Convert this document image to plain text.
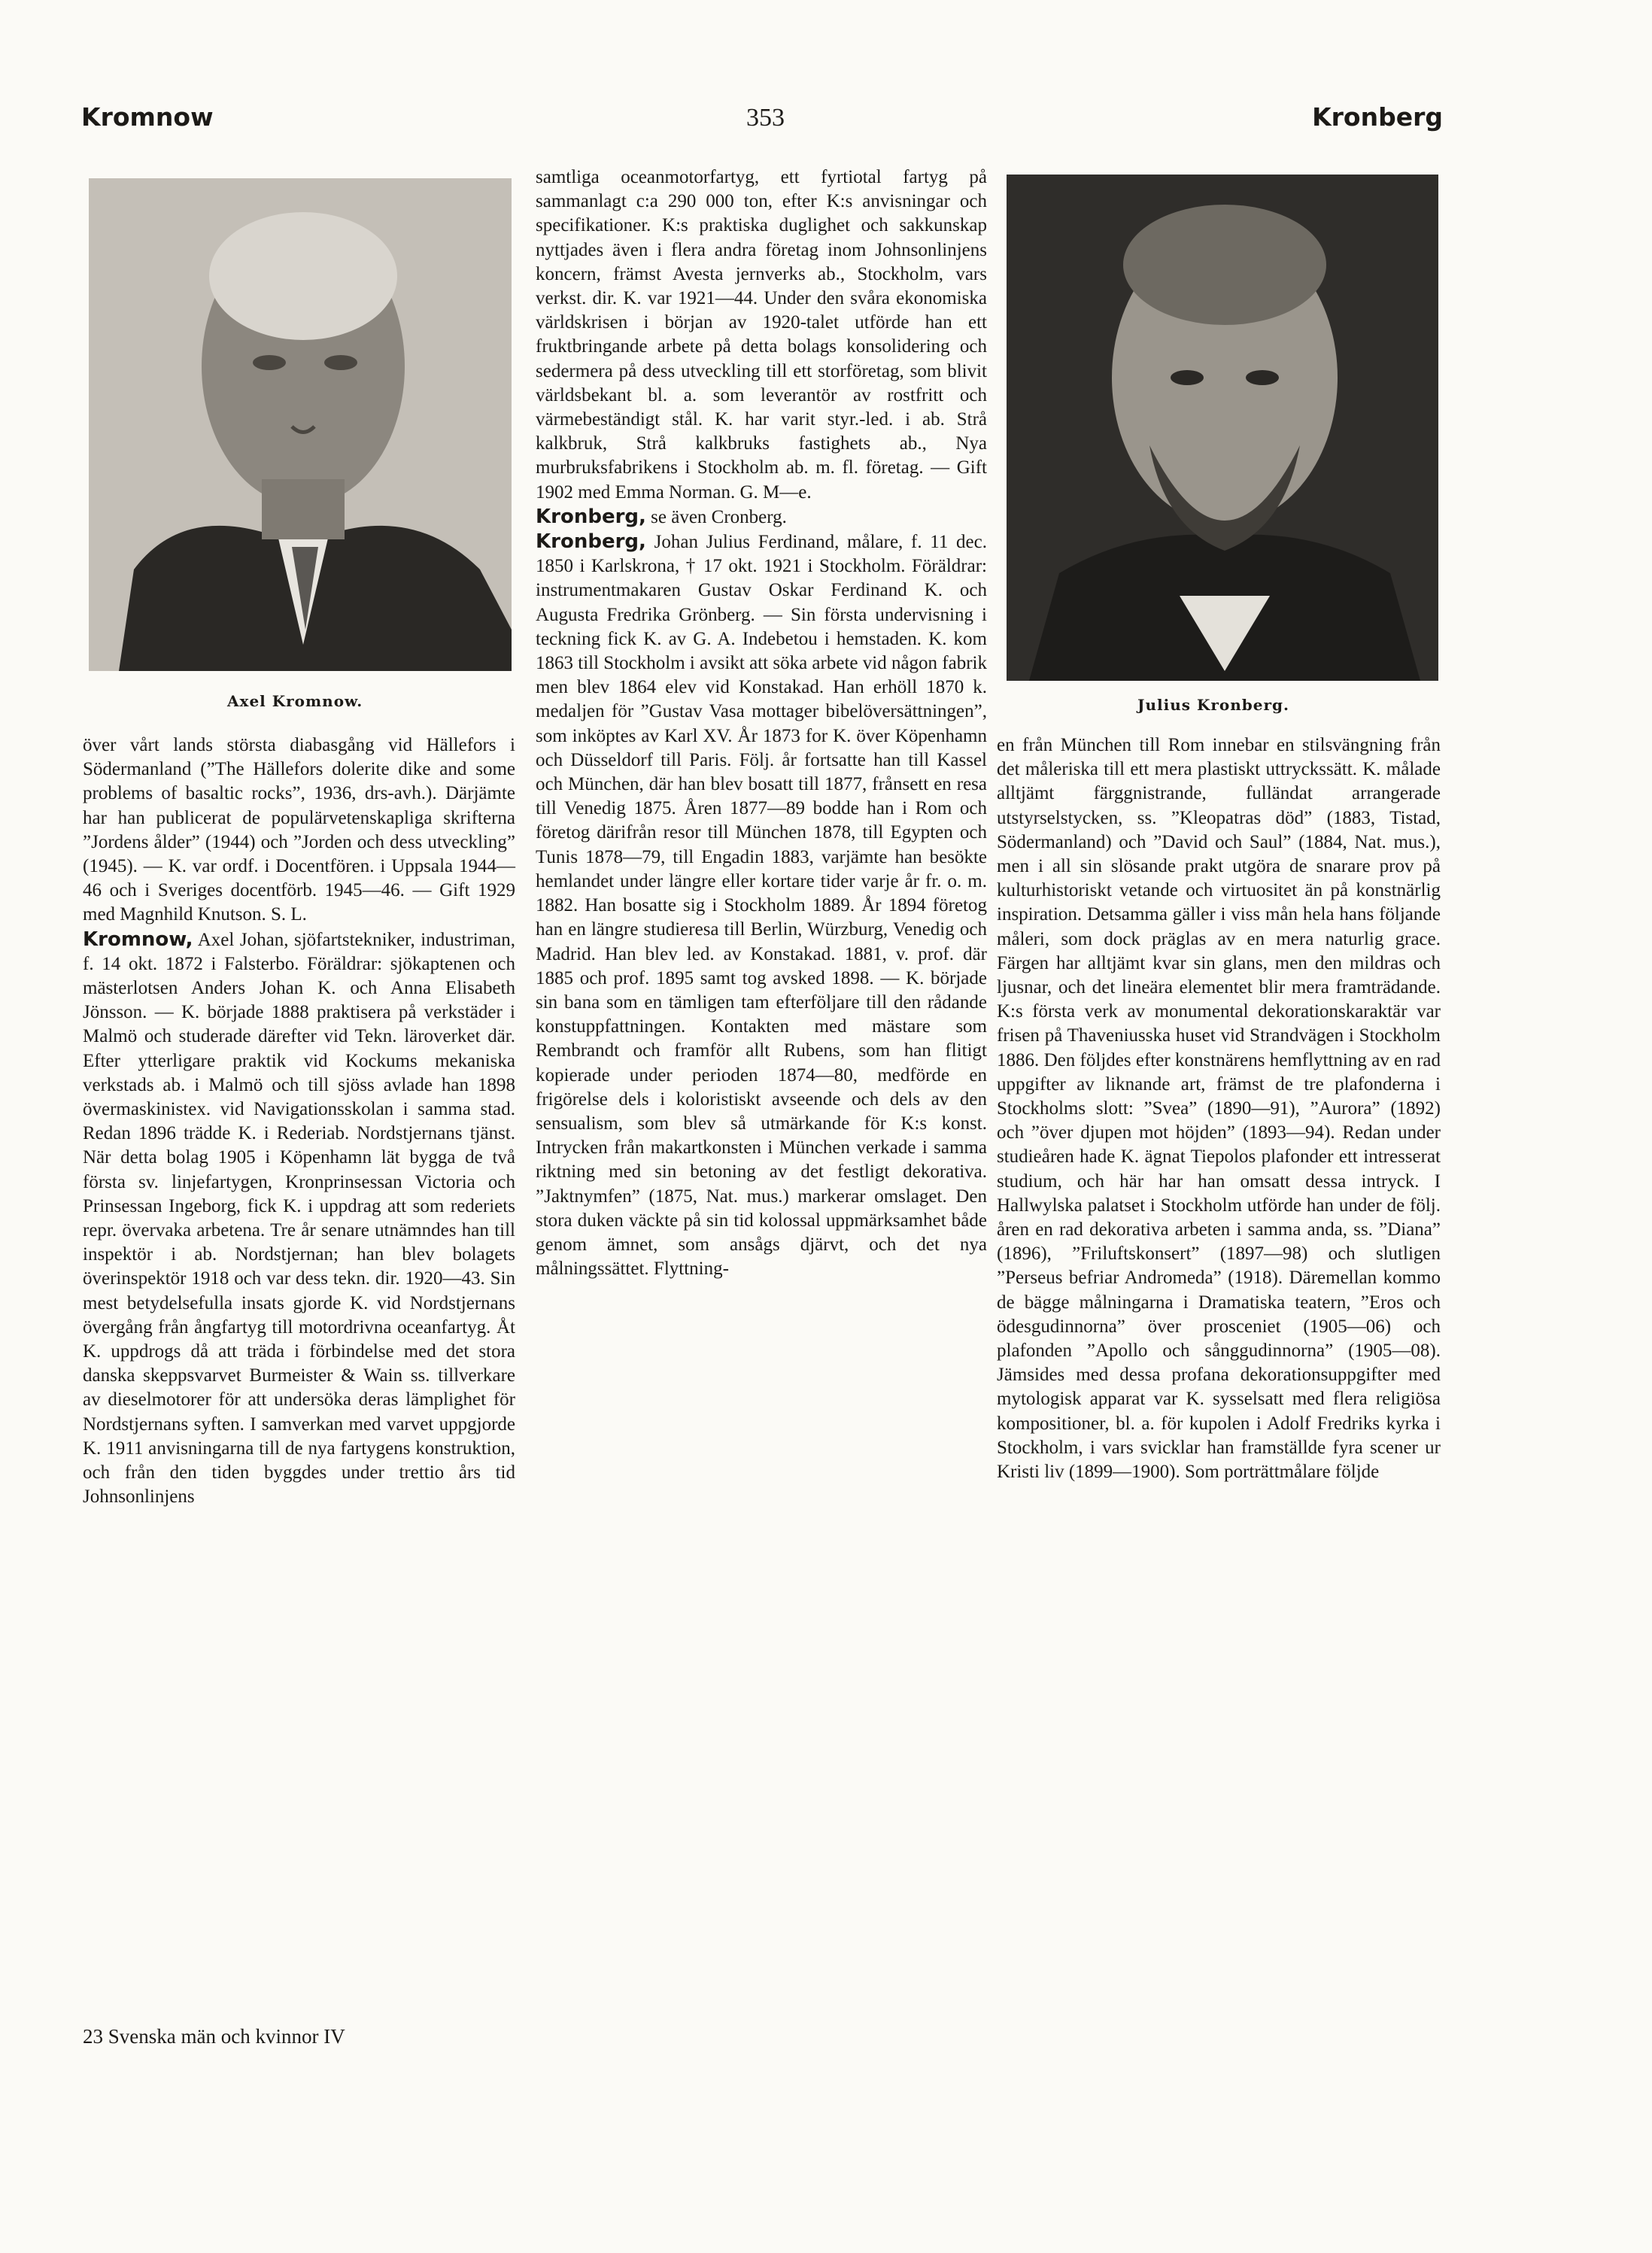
Kromnow	353	Kronberg
Axel Kromnow.	Julius Kronberg.
över vårt lands största diabasgång vid Hällefors i Södermanland (”The Hällefors dolerite dike and some problems of basaltic rocks”, 1936, drs-avh.). Därjämte har han publicerat de populärvetenskapliga skrifterna ”Jordens ålder” (1944) och ”Jorden och dess utveckling” (1945). — K. var ordf. i Docentfören. i Uppsala 1944—46 och i Sveriges docentförb. 1945—46. — Gift 1929 med Magnhild Knutson. S. L.
Kromnow, Axel Johan, sjöfartstekniker, industriman, f. 14 okt. 1872 i Falsterbo. Föräldrar: sjökaptenen och mästerlotsen Anders Johan K. och Anna Elisabeth Jönsson. — K. började 1888 praktisera på verkstäder i Malmö och studerade därefter vid Tekn. läroverket där. Efter ytterligare praktik vid Kockums mekaniska verkstads ab. i Malmö och till sjöss avlade han 1898 övermaskinistex. vid Navigationsskolan i samma stad. Redan 1896 trädde K. i Rederiab. Nordstjernans tjänst. När detta bolag 1905 i Köpenhamn lät bygga de två första sv. linjefartygen, Kronprinsessan Victoria och Prinsessan Ingeborg, fick K. i uppdrag att som rederiets repr. övervaka arbetena. Tre år senare utnämndes han till inspektör i ab. Nordstjernan; han blev bolagets överinspektör 1918 och var dess tekn. dir. 1920—43. Sin mest betydelsefulla insats gjorde K. vid Nordstjernans övergång från ångfartyg till motordrivna oceanfartyg. Åt K. uppdrogs då att träda i förbindelse med det stora danska skeppsvarvet Burmeister & Wain ss. tillverkare av dieselmotorer för att undersöka deras lämplighet för Nordstjernans syften. I samverkan med varvet uppgjorde K. 1911 anvisningarna till de nya fartygens konstruktion, och från den tiden byggdes under trettio års tid Johnsonlinjens
samtliga oceanmotorfartyg, ett fyrtiotal fartyg på sammanlagt c:a 290 000 ton, efter K:s anvisningar och specifikationer. K:s praktiska duglighet och sakkunskap nyttjades även i flera andra företag inom Johnsonlinjens koncern, främst Avesta jernverks ab., Stockholm, vars verkst. dir. K. var 1921—44. Under den svåra ekonomiska världskrisen i början av 1920-talet utförde han ett fruktbringande arbete på detta bolags konsolidering och sedermera på dess utveckling till ett storföretag, som blivit världsbekant bl. a. som leverantör av rostfritt och värmebeständigt stål. K. har varit styr.-led. i ab. Strå kalkbruk, Strå kalkbruks fastighets ab., Nya murbruksfabrikens i Stockholm ab. m. fl. företag. — Gift 1902 med Emma Norman. G. M—e.
Kronberg, se även Cronberg.
Kronberg, Johan Julius Ferdinand, målare, f. 11 dec. 1850 i Karlskrona, † 17 okt. 1921 i Stockholm. Föräldrar: instrumentmakaren Gustav Oskar Ferdinand K. och Augusta Fredrika Grönberg. — Sin första undervisning i teckning fick K. av G. A. Indebetou i hemstaden. K. kom 1863 till Stockholm i avsikt att söka arbete vid någon fabrik men blev 1864 elev vid Konstakad. Han erhöll 1870 k. medaljen för ”Gustav Vasa mottager bibelöversättningen”, som inköptes av Karl XV. År 1873 for K. över Köpenhamn och Düsseldorf till Paris. Följ. år fortsatte han till Kassel och München, där han blev bosatt till 1877, frånsett en resa till Venedig 1875. Åren 1877—89 bodde han i Rom och företog därifrån resor till München 1878, till Egypten och Tunis 1878—79, till Engadin 1883, varjämte han besökte hemlandet under längre eller kortare tider varje år fr. o. m. 1882. Han bosatte sig i Stockholm 1889. År 1894 företog han en längre studieresa till Berlin, Würzburg, Venedig och Madrid. Han blev led. av Konstakad. 1881, v. prof. där 1885 och prof. 1895 samt tog avsked 1898. — K. började sin bana som en tämligen tam efterföljare till den rådande konstuppfattningen. Kontakten med mästare som Rembrandt och framför allt Rubens, som han flitigt kopierade under perioden 1874—80, medförde en frigörelse dels i koloristiskt avseende och dels av den sensualism, som blev så utmärkande för K:s konst. Intrycken från makartkonsten i München verkade i samma riktning med sin betoning av det festligt dekorativa. ”Jaktnymfen” (1875, Nat. mus.) markerar omslaget. Den stora duken väckte på sin tid kolossal uppmärksamhet både genom ämnet, som ansågs djärvt, och det nya målningssättet. Flyttning-
en från München till Rom innebar en stilsvängning från det måleriska till ett mera plastiskt uttryckssätt. K. målade alltjämt färggnistrande, fulländat arrangerade utstyrselstycken, ss. ”Kleopatras död” (1883, Tistad, Södermanland) och ”David och Saul” (1884, Nat. mus.), men i all sin slösande prakt utgöra de snarare prov på kulturhistoriskt vetande och virtuositet än på konstnärlig inspiration. Detsamma gäller i viss mån hela hans följande måleri, som dock präglas av en mera naturlig grace. Färgen har alltjämt kvar sin glans, men den mildras och ljusnar, och det lineära elementet blir mera framträdande. K:s första verk av monumental dekorationskaraktär var frisen på Thaveniusska huset vid Strandvägen i Stockholm 1886. Den följdes efter konstnärens hemflyttning av en rad uppgifter av liknande art, främst de tre plafonderna i Stockholms slott: ”Svea” (1890—91), ”Aurora” (1892) och ”över djupen mot höjden” (1893—94). Redan under studieåren hade K. ägnat Tiepolos plafonder ett intresserat studium, och här har han omsatt dessa intryck. I Hallwylska palatset i Stockholm utförde han under de följ. åren en rad dekorativa arbeten i samma anda, ss. ”Diana” (1896), ”Friluftskonsert” (1897—98) och slutligen ”Perseus befriar Andromeda” (1918). Däremellan kommo de bägge målningarna i Dramatiska teatern, ”Eros och ödesgudinnorna” över prosceniet (1905—06) och plafonden ”Apollo och sånggudinnorna” (1905—08). Jämsides med dessa profana dekorationsuppgifter med mytologisk apparat var K. sysselsatt med flera religiösa kompositioner, bl. a. för kupolen i Adolf Fredriks kyrka i Stockholm, i vars svicklar han framställde fyra scener ur Kristi liv (1899—1900). Som porträttmålare följde
23 Svenska män och kvinnor IV
